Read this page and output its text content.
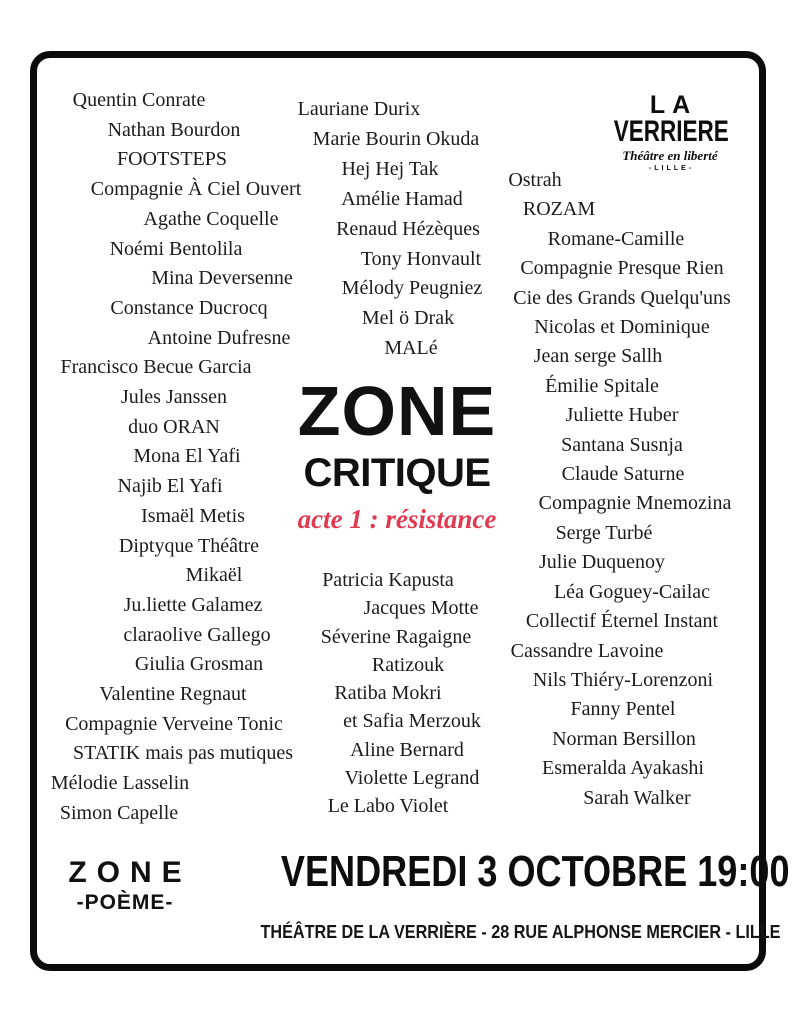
Quentin Conrate
Nathan Bourdon
FOOTSTEPS
Compagnie À Ciel Ouvert
Agathe Coquelle
Noémi Bentolila
Mina Deversenne
Constance Ducrocq
Antoine Dufresne
Francisco Becue Garcia
Jules Janssen
duo ORAN
Mona El Yafi
Najib El Yafi
Ismaël Metis
Diptyque Théâtre
Mikaël
Ju.liette Galamez
claraolive Gallego
Giulia Grosman
Valentine Regnaut
Compagnie Verveine Tonic
STATIK mais pas mutiques
Mélodie Lasselin
Simon Capelle
Lauriane Durix
Marie Bourin Okuda
Hej Hej Tak
Amélie Hamad
Renaud Hézèques
Tony Honvault
Mélody Peugniez
Mel ö Drak
MALé
ZONE
CRITIQUE
acte 1 : résistance
Patricia Kapusta
Jacques Motte
Séverine Ragaigne
Ratizouk
Ratiba Mokri
et Safia Merzouk
Aline Bernard
Violette Legrand
Le Labo Violet
Ostrah
ROZAM
Romane-Camille
Compagnie Presque Rien
Cie des Grands Quelqu'uns
Nicolas et Dominique
Jean serge Sallh
Émilie Spitale
Juliette Huber
Santana Susnja
Claude Saturne
Compagnie Mnemozina
Serge Turbé
Julie Duquenoy
Léa Goguey-Cailac
Collectif Éternel Instant
Cassandre Lavoine
Nils Thiéry-Lorenzoni
Fanny Pentel
Norman Bersillon
Esmeralda Ayakashi
Sarah Walker
LA
VERRIERE
Théâtre en liberté
-LILLE-
ZONE
-POÈME-
VENDREDI 3 OCTOBRE 19:00
THÉÂTRE DE LA VERRIÈRE - 28 RUE ALPHONSE MERCIER - LILLE
